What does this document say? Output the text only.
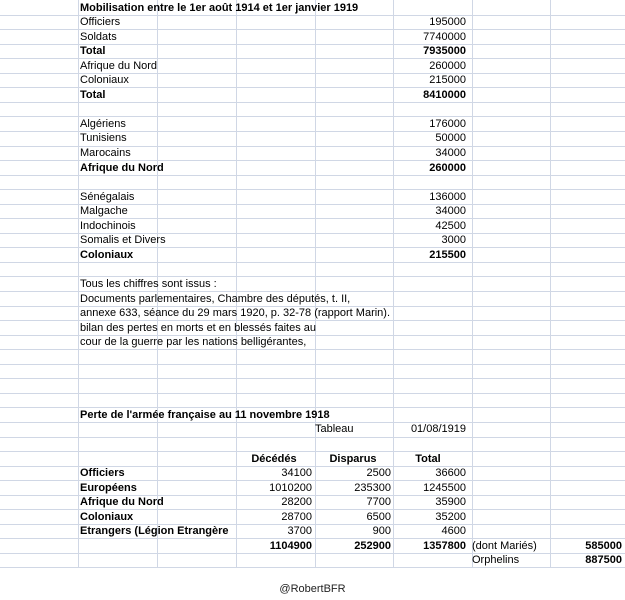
Mobilisation entre le 1er août 1914 et 1er janvier 1919
Officiers	195000
Soldats	7740000
Total	7935000
Afrique du Nord	260000
Coloniaux	215000
Total	8410000
Algériens	176000
Tunisiens	50000
Marocains	34000
Afrique du Nord	260000
Sénégalais	136000
Malgache	34000
Indochinois	42500
Somalis et Divers	3000
Coloniaux	215500
Tous les chiffres sont issus :
Documents parlementaires, Chambre des députés, t. II,
annexe 633, séance du 29 mars 1920, p. 32-78 (rapport Marin).
bilan des pertes en morts et en blessés faites au
cour de la guerre par les nations belligérantes,
Perte de l'armée française au 11 novembre 1918
Tableau	01/08/1919
Décédés	Disparus	Total
Officiers	34100	2500	36600
Européens	1010200	235300	1245500
Afrique du Nord	28200	7700	35900
Coloniaux	28700	6500	35200
Etrangers (Légion Etrangère	3700	900	4600
1104900	252900	1357800 (dont Mariés)	585000
Orphelins	887500
@RobertBFR
